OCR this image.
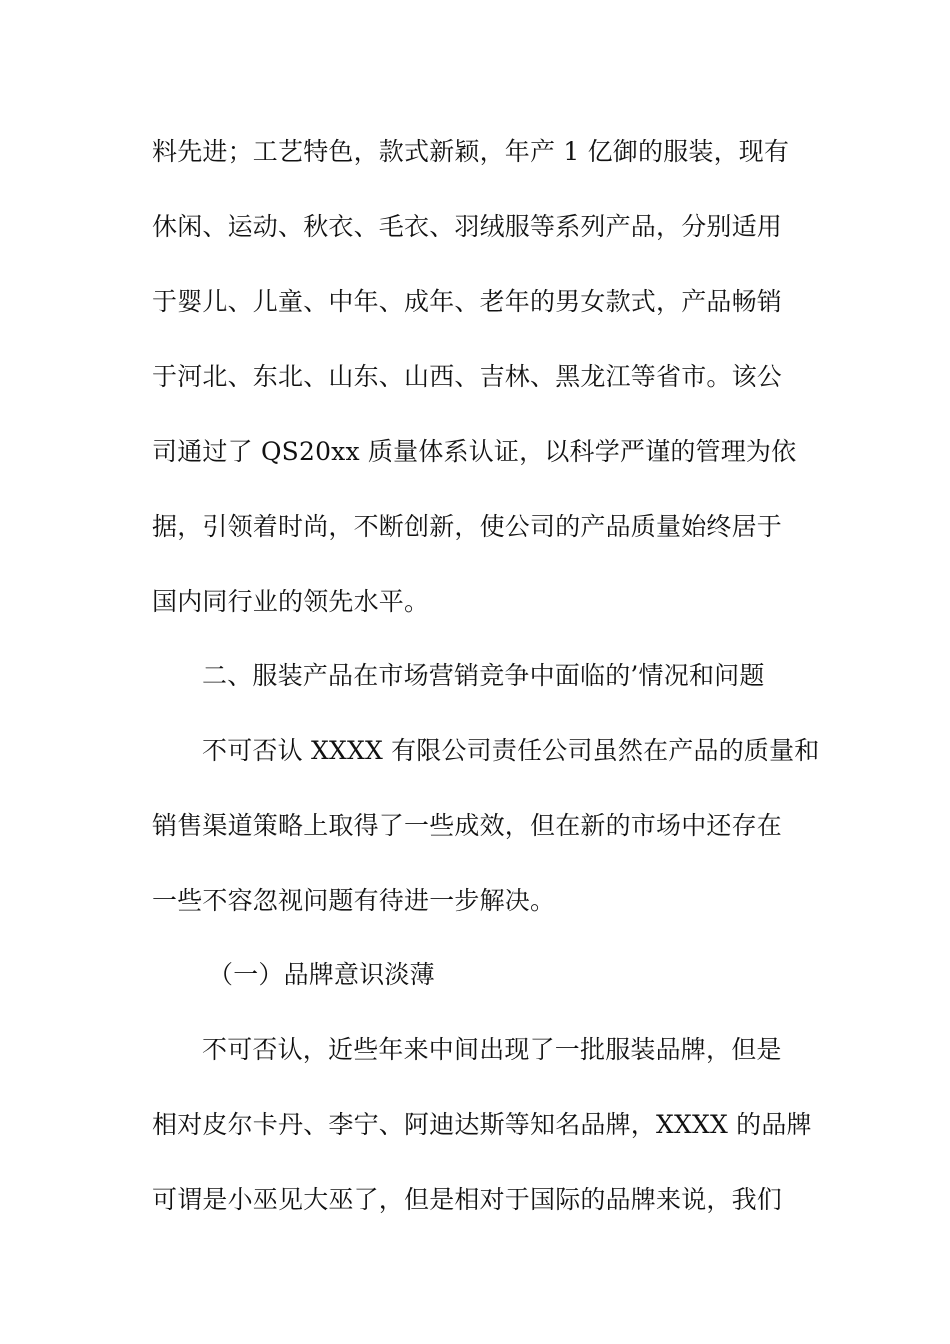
料先进；工艺特色，款式新颖，年产 1 亿御的服装，现有
休闲、运动、秋衣、毛衣、羽绒服等系列产品，分别适用
于婴儿、儿童、中年、成年、老年的男女款式，产品畅销
于河北、东北、山东、山西、吉林、黑龙江等省市。该公
司通过了 QS20xx 质量体系认证，以科学严谨的管理为依
据，引领着时尚，不断创新，使公司的产品质量始终居于
国内同行业的领先水平。
二、服装产品在市场营销竞争中面临的’情况和问题
不可否认 XXXX 有限公司责任公司虽然在产品的质量和
销售渠道策略上取得了一些成效，但在新的市场中还存在
一些不容忽视问题有待进一步解决。
（一）品牌意识淡薄
不可否认，近些年来中间出现了一批服装品牌，但是
相对皮尔卡丹、李宁、阿迪达斯等知名品牌，XXXX 的品牌
可谓是小巫见大巫了，但是相对于国际的品牌来说，我们
